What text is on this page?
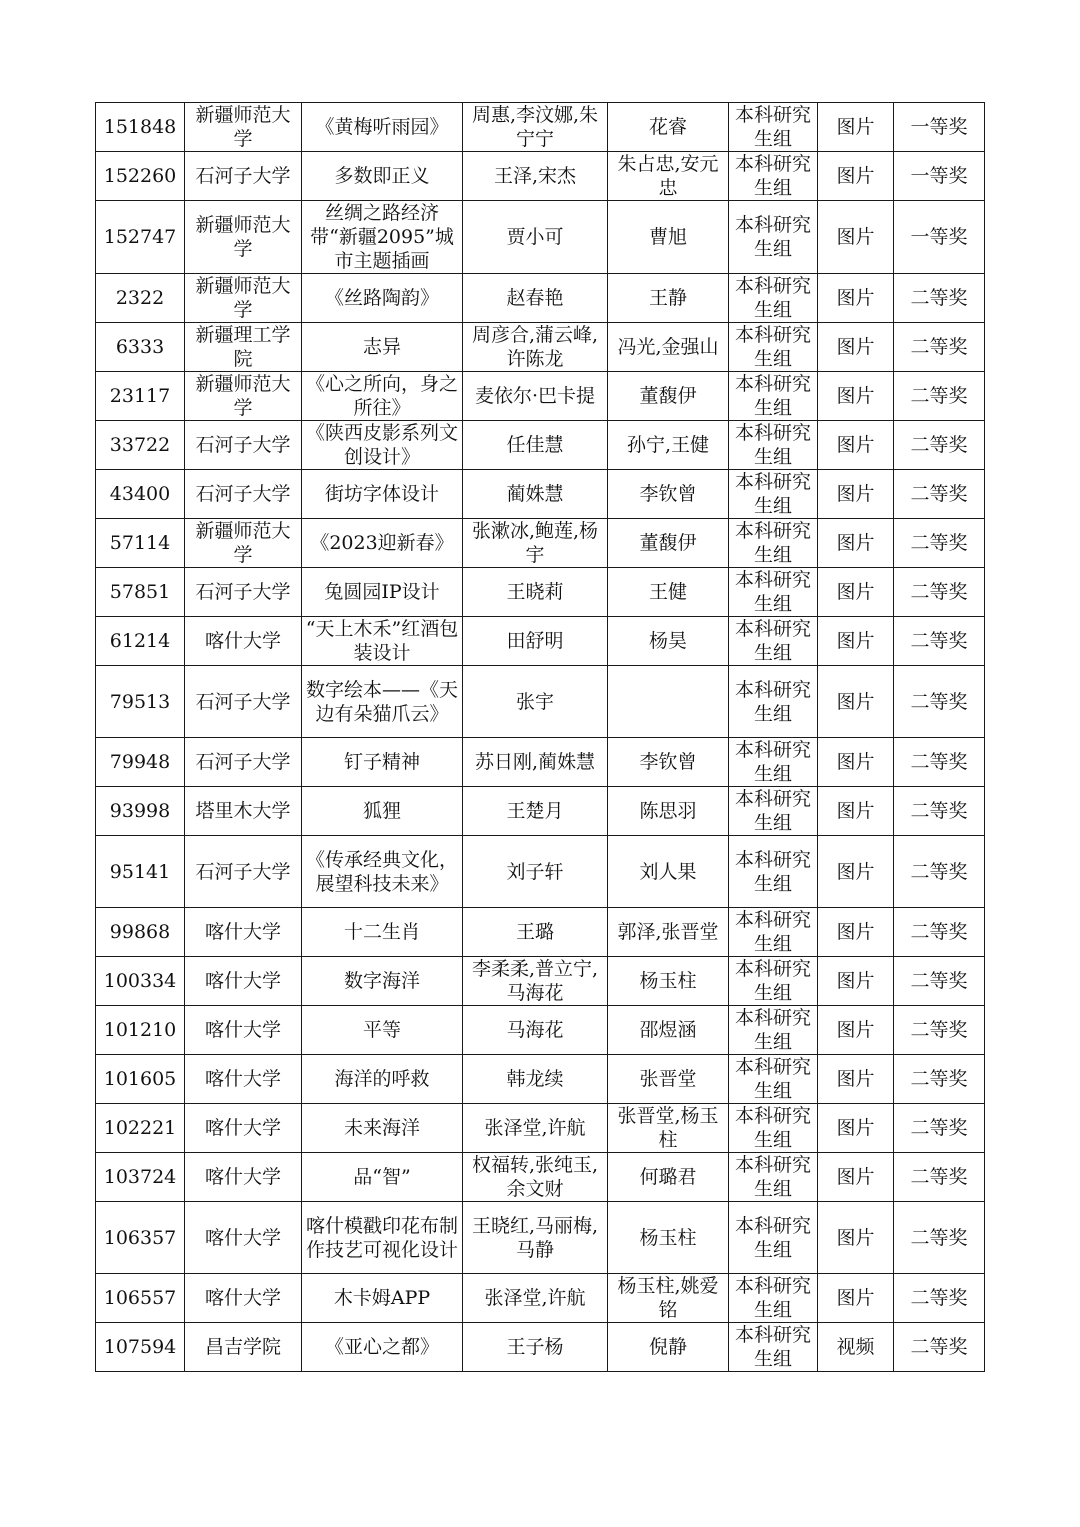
151848	新疆师范大学	《黄梅听雨园》	周惠,李汶娜,朱宁宁	花睿	本科研究生组	图片	一等奖
152260	石河子大学	多数即正义	王泽,宋杰	朱占忠,安元忠	本科研究生组	图片	一等奖
152747	新疆师范大学	丝绸之路经济带“新疆2095”城市主题插画	贾小可	曹旭	本科研究生组	图片	一等奖
2322	新疆师范大学	《丝路陶韵》	赵春艳	王静	本科研究生组	图片	二等奖
6333	新疆理工学院	志异	周彦合,蒲云峰,许陈龙	冯光,金强山	本科研究生组	图片	二等奖
23117	新疆师范大学	《心之所向，身之所往》	麦依尔·巴卡提	董馥伊	本科研究生组	图片	二等奖
33722	石河子大学	《陕西皮影系列文创设计》	任佳慧	孙宁,王健	本科研究生组	图片	二等奖
43400	石河子大学	街坊字体设计	蔺姝慧	李钦曾	本科研究生组	图片	二等奖
57114	新疆师范大学	《2023迎新春》	张漱冰,鲍莲,杨宇	董馥伊	本科研究生组	图片	二等奖
57851	石河子大学	兔圆园IP设计	王晓莉	王健	本科研究生组	图片	二等奖
61214	喀什大学	“天上木禾”红酒包装设计	田舒明	杨昊	本科研究生组	图片	二等奖
79513	石河子大学	数字绘本——《天边有朵猫爪云》	张宇		本科研究生组	图片	二等奖
79948	石河子大学	钉子精神	苏日刚,蔺姝慧	李钦曾	本科研究生组	图片	二等奖
93998	塔里木大学	狐狸	王楚月	陈思羽	本科研究生组	图片	二等奖
95141	石河子大学	《传承经典文化，展望科技未来》	刘子轩	刘人果	本科研究生组	图片	二等奖
99868	喀什大学	十二生肖	王璐	郭泽,张晋堂	本科研究生组	图片	二等奖
100334	喀什大学	数字海洋	李柔柔,普立宁,马海花	杨玉柱	本科研究生组	图片	二等奖
101210	喀什大学	平等	马海花	邵煜涵	本科研究生组	图片	二等奖
101605	喀什大学	海洋的呼救	韩龙续	张晋堂	本科研究生组	图片	二等奖
102221	喀什大学	未来海洋	张泽堂,许航	张晋堂,杨玉柱	本科研究生组	图片	二等奖
103724	喀什大学	品“智”	权福转,张纯玉,余文财	何璐君	本科研究生组	图片	二等奖
106357	喀什大学	喀什模戳印花布制作技艺可视化设计	王晓红,马丽梅,马静	杨玉柱	本科研究生组	图片	二等奖
106557	喀什大学	木卡姆APP	张泽堂,许航	杨玉柱,姚爱铭	本科研究生组	图片	二等奖
107594	昌吉学院	《亚心之都》	王子杨	倪静	本科研究生组	视频	二等奖
